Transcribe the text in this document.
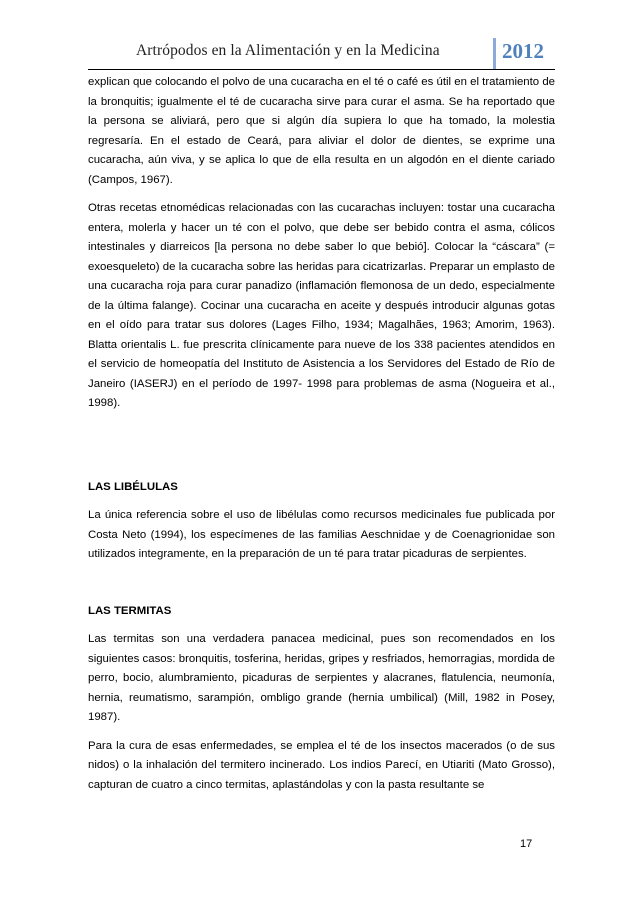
Artrópodos en la Alimentación y en la Medicina	2012

explican que colocando el polvo de una cucaracha en el té o café es útil en el tratamiento de la bronquitis; igualmente el té de cucaracha sirve para curar el asma. Se ha reportado que la persona se aliviará, pero que si algún día supiera lo que ha tomado, la molestia regresaría. En el estado de Ceará, para aliviar el dolor de dientes, se exprime una cucaracha, aún viva, y se aplica lo que de ella resulta en un algodón en el diente cariado (Campos, 1967).

Otras recetas etnomédicas relacionadas con las cucarachas incluyen: tostar una cucaracha entera, molerla y hacer un té con el polvo, que debe ser bebido contra el asma, cólicos intestinales y diarreicos [la persona no debe saber lo que bebió]. Colocar la “cáscara” (= exoesqueleto) de la cucaracha sobre las heridas para cicatrizarlas. Preparar un emplasto de una cucaracha roja para curar panadizo (inflamación flemonosa de un dedo, especialmente de la última falange). Cocinar una cucaracha en aceite y después introducir algunas gotas en el oído para tratar sus dolores (Lages Filho, 1934; Magalhães, 1963; Amorim, 1963). Blatta orientalis L. fue prescrita clínicamente para nueve de los 338 pacientes atendidos en el servicio de homeopatía del Instituto de Asistencia a los Servidores del Estado de Río de Janeiro (IASERJ) en el período de 1997- 1998 para problemas de asma (Nogueira et al., 1998).

LAS LIBÉLULAS

La única referencia sobre el uso de libélulas como recursos medicinales fue publicada por Costa Neto (1994), los especímenes de las familias Aeschnidae y de Coenagrionidae son utilizados integramente, en la preparación de un té para tratar picaduras de serpientes.

LAS TERMITAS

Las termitas son una verdadera panacea medicinal, pues son recomendados en los siguientes casos: bronquitis, tosferina, heridas, gripes y resfriados, hemorragias, mordida de perro, bocio, alumbramiento, picaduras de serpientes y alacranes, flatulencia, neumonía, hernia, reumatismo, sarampión, ombligo grande (hernia umbilical) (Mill, 1982 in Posey, 1987).

Para la cura de esas enfermedades, se emplea el té de los insectos macerados (o de sus nidos) o la inhalación del termitero incinerado. Los indios Parecí, en Utiariti (Mato Grosso), capturan de cuatro a cinco termitas, aplastándolas y con la pasta resultante se

17
